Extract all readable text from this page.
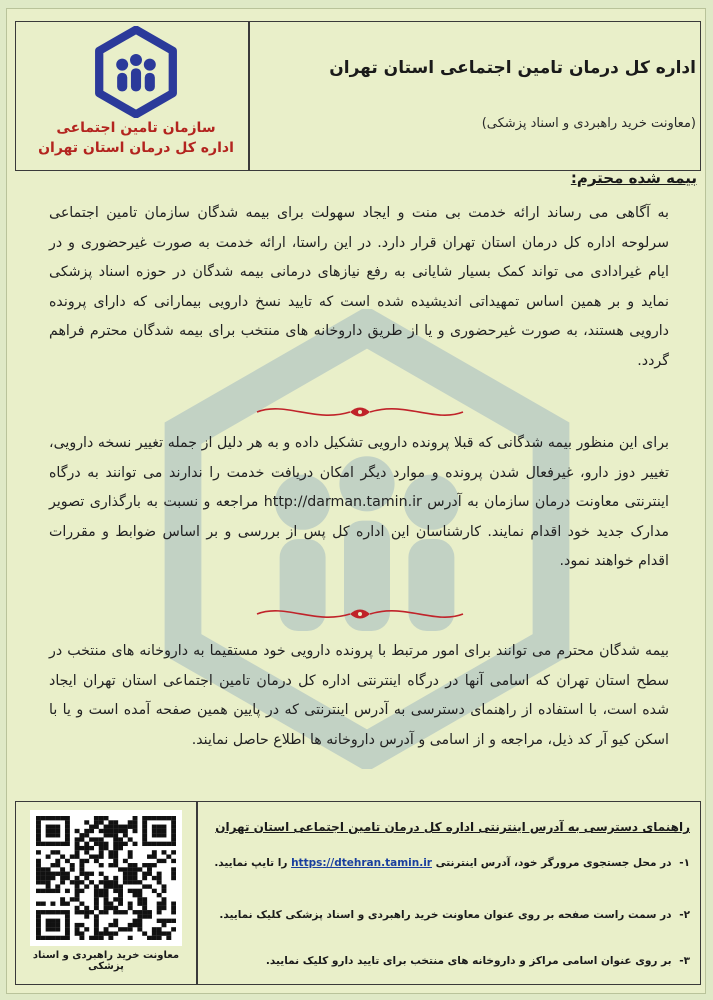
سازمان تامین اجتماعی
اداره کل درمان استان تهران
اداره کل درمان تامین اجتماعی استان تهران
(معاونت خرید راهبردی و اسناد پزشکی)
بیمه شده محترم:
به آگاهی می رساند ارائه خدمت بی منت و ایجاد سهولت برای بیمه شدگان سازمان تامین اجتماعی سرلوحه اداره کل درمان استان تهران قرار دارد. در این راستا، ارائه خدمت به صورت غیرحضوری و در ایام غیرادادی می تواند کمک بسیار شایانی به رفع نیازهای درمانی بیمه شدگان در حوزه اسناد پزشکی نماید و بر همین اساس تمهیداتی اندیشیده شده است که تایید نسخ دارویی بیمارانی که دارای پرونده دارویی هستند، به صورت غیرحضوری و یا از طریق داروخانه های منتخب برای بیمه شدگان محترم فراهم گردد.
برای این منظور بیمه شدگانی که قبلا پرونده دارویی تشکیل داده و به هر دلیل از جمله تغییر نسخه دارویی، تغییر دوز دارو، غیرفعال شدن پرونده و موارد دیگر امکان دریافت خدمت را ندارند می توانند به درگاه اینترنتی معاونت درمان سازمان به آدرس http://darman.tamin.ir مراجعه و نسبت به بارگذاری تصویر مدارک جدید خود اقدام نمایند. کارشناسان این اداره کل پس از بررسی و بر اساس ضوابط و مقررات اقدام خواهند نمود.
بیمه شدگان محترم می توانند برای امور مرتبط با پرونده دارویی خود مستقیما به داروخانه های منتخب در سطح استان تهران که اسامی آنها در درگاه اینترنتی اداره کل درمان تامین اجتماعی استان تهران ایجاد شده است، با استفاده از راهنمای دسترسی به آدرس اینترنتی که در پایین همین صفحه آمده است و یا با اسکن کیو آر کد ذیل، مراجعه و از اسامی و آدرس داروخانه ها اطلاع حاصل نمایند.
معاونت خرید راهبردی و اسناد پزشکی
راهنمای دسترسی به آدرس اینترنتی اداره کل درمان تامین اجتماعی استان تهران
۱- در محل جستجوی مرورگر خود، آدرس اینترنتی https://dtehran.tamin.ir را تایپ نمایید.
۲- در سمت راست صفحه بر روی عنوان معاونت خرید راهبردی و اسناد پزشکی کلیک نمایید.
۳- بر روی عنوان اسامی مراکز و داروخانه های منتخب برای تایید دارو کلیک نمایید.
